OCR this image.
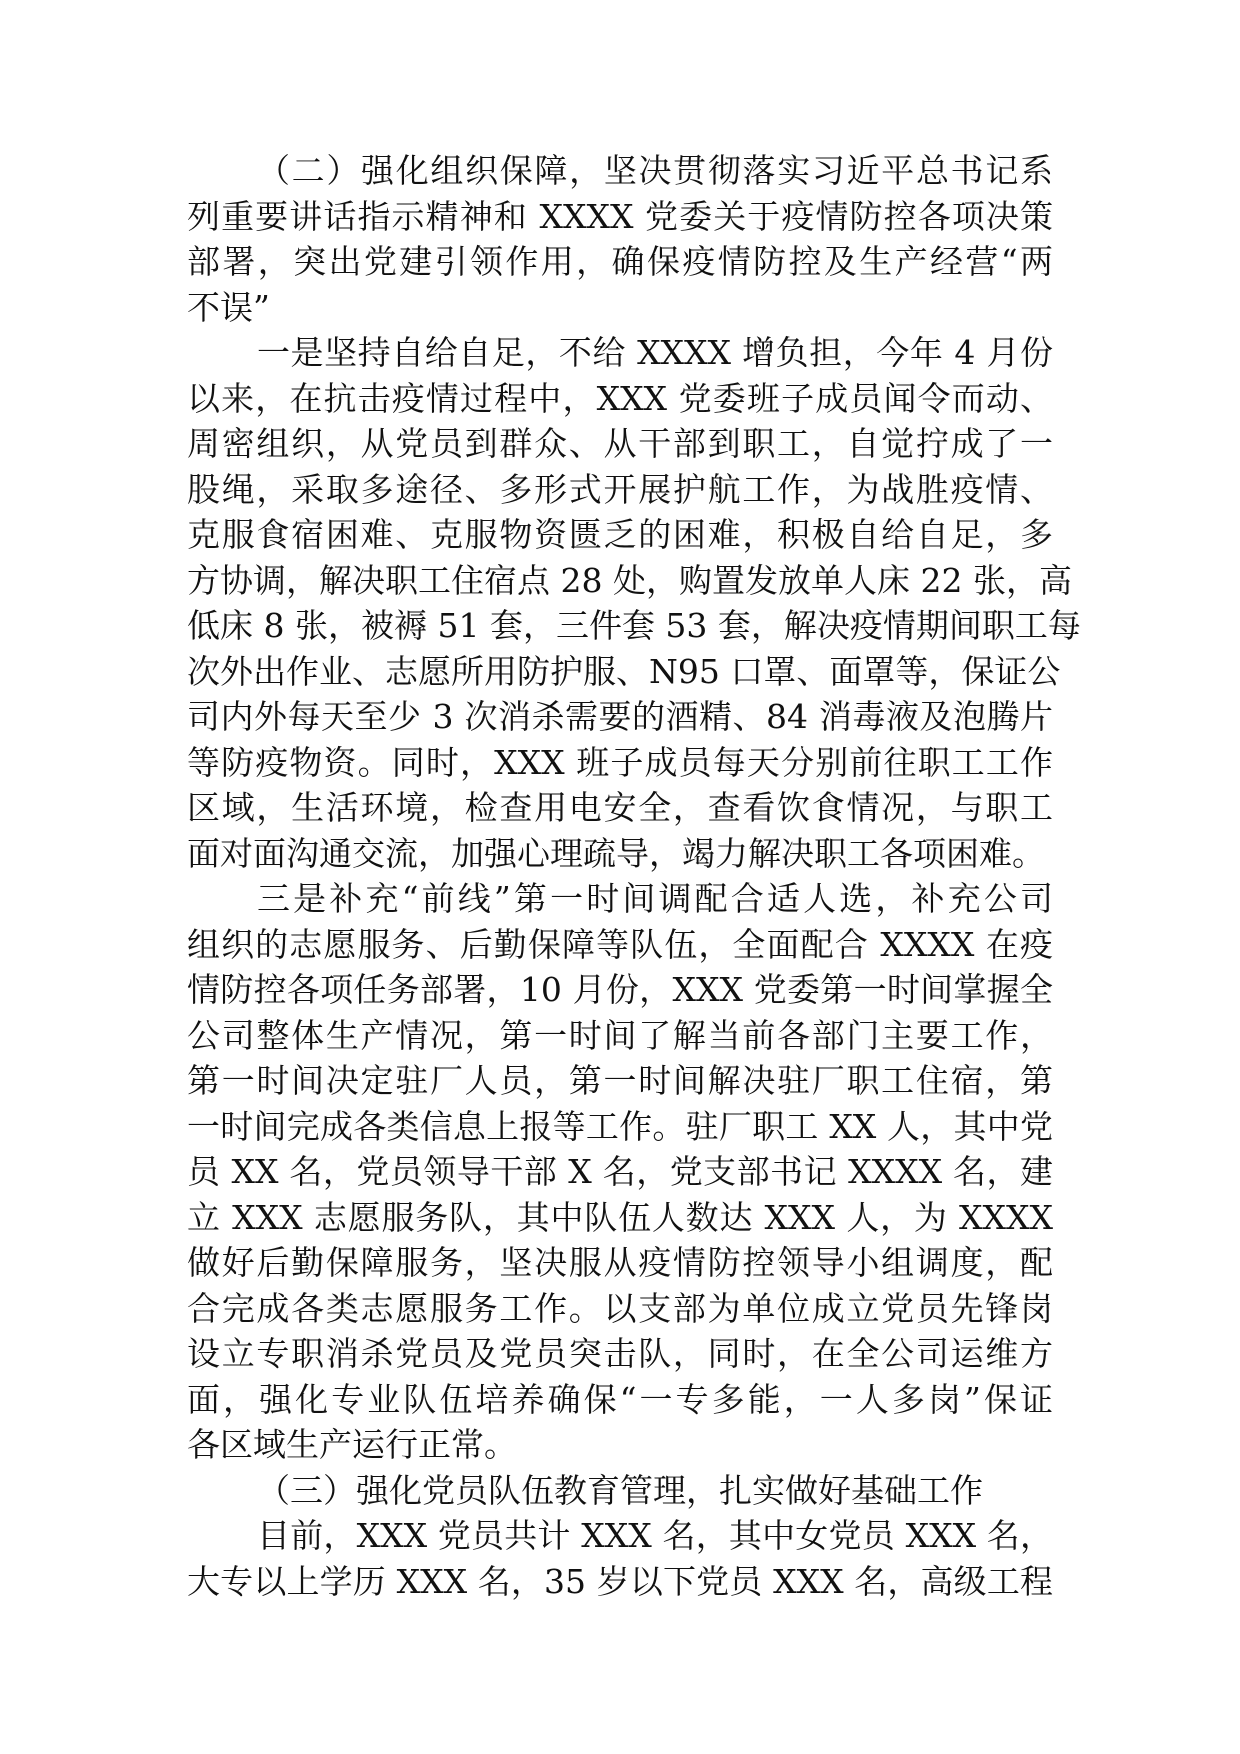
（二）强化组织保障，坚决贯彻落实习近平总书记系
列重要讲话指示精神和 XXXX 党委关于疫情防控各项决策
部署，突出党建引领作用，确保疫情防控及生产经营“两
不误”
一是坚持自给自足，不给 XXXX 增负担，今年 4 月份
以来，在抗击疫情过程中，XXX 党委班子成员闻令而动、
周密组织，从党员到群众、从干部到职工，自觉拧成了一
股绳，采取多途径、多形式开展护航工作，为战胜疫情、
克服食宿困难、克服物资匮乏的困难，积极自给自足，多
方协调，解决职工住宿点 28 处，购置发放单人床 22 张，高
低床 8 张，被褥 51 套，三件套 53 套，解决疫情期间职工每
次外出作业、志愿所用防护服、N95 口罩、面罩等，保证公
司内外每天至少 3 次消杀需要的酒精、84 消毒液及泡腾片
等防疫物资。同时，XXX 班子成员每天分别前往职工工作
区域，生活环境，检查用电安全，查看饮食情况，与职工
面对面沟通交流，加强心理疏导，竭力解决职工各项困难。
三是补充“前线”第一时间调配合适人选，补充公司
组织的志愿服务、后勤保障等队伍，全面配合 XXXX 在疫
情防控各项任务部署，10 月份，XXX 党委第一时间掌握全
公司整体生产情况，第一时间了解当前各部门主要工作，
第一时间决定驻厂人员，第一时间解决驻厂职工住宿，第
一时间完成各类信息上报等工作。驻厂职工 XX 人，其中党
员 XX 名，党员领导干部 X 名，党支部书记 XXXX 名，建
立 XXX 志愿服务队，其中队伍人数达 XXX 人，为 XXXX
做好后勤保障服务，坚决服从疫情防控领导小组调度，配
合完成各类志愿服务工作。以支部为单位成立党员先锋岗
设立专职消杀党员及党员突击队，同时，在全公司运维方
面，强化专业队伍培养确保“一专多能，一人多岗”保证
各区域生产运行正常。
（三）强化党员队伍教育管理，扎实做好基础工作
目前，XXX 党员共计 XXX 名，其中女党员 XXX 名，
大专以上学历 XXX 名，35 岁以下党员 XXX 名，高级工程
